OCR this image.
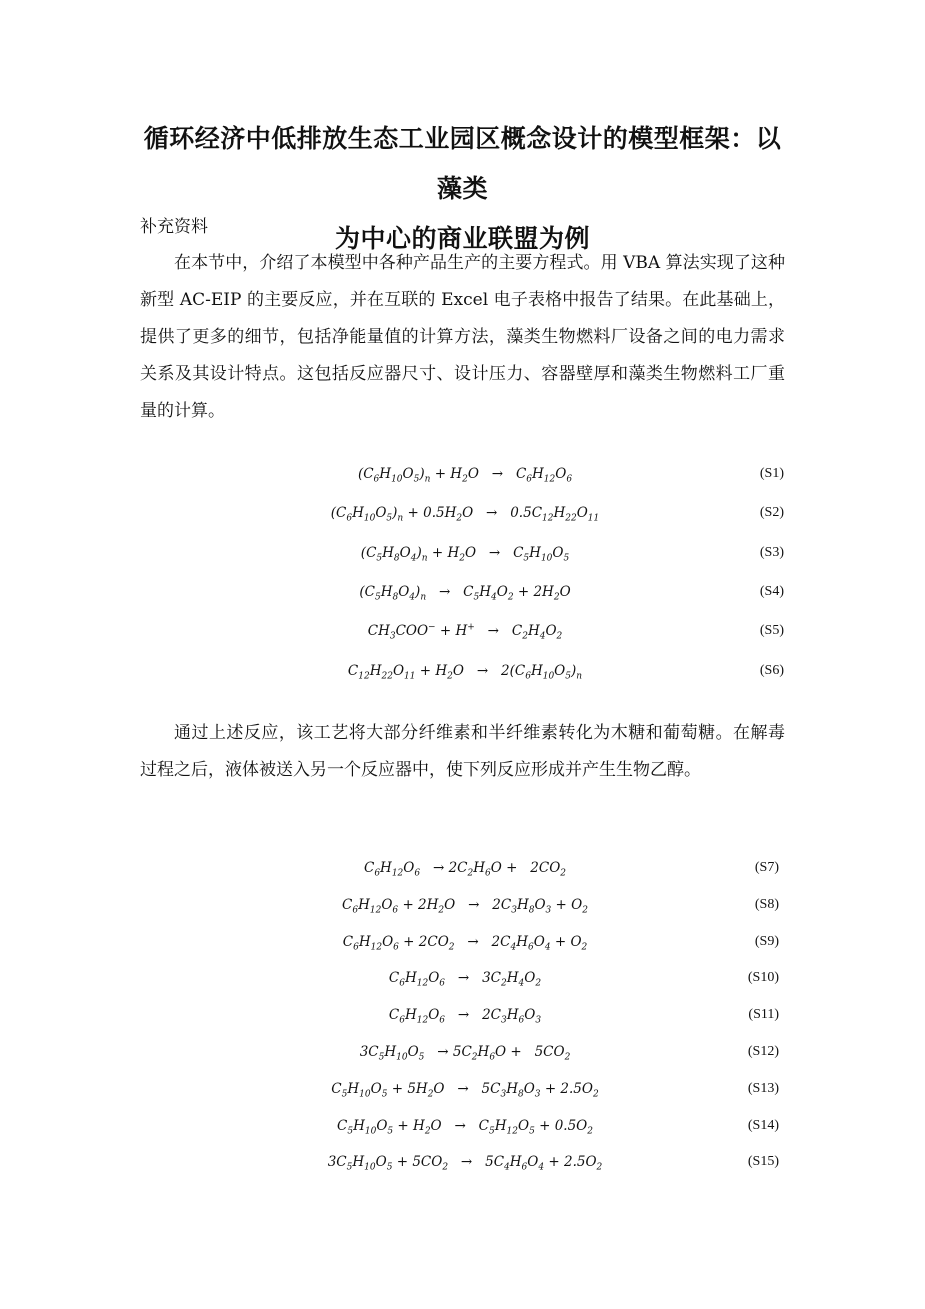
循环经济中低排放生态工业园区概念设计的模型框架：以藻类
为中心的商业联盟为例
补充资料
在本节中，介绍了本模型中各种产品生产的主要方程式。用 VBA 算法实现了这种新型 AC-EIP 的主要反应，并在互联的 Excel 电子表格中报告了结果。在此基础上，提供了更多的细节，包括净能量值的计算方法，藻类生物燃料厂设备之间的电力需求关系及其设计特点。这包括反应器尺寸、设计压力、容器壁厚和藻类生物燃料工厂重量的计算。
$(C_6H_{10}O_5)_n + H_2O \to C_6H_{12}O_6$	(S1)
$(C_6H_{10}O_5)_n + 0.5H_2O \to 0.5C_{12}H_{22}O_{11}$	(S2)
$(C_5H_8O_4)_n + H_2O \to C_5H_{10}O_5$	(S3)
$(C_5H_8O_4)_n \to C_5H_4O_2 + 2H_2O$	(S4)
$CH_3COO^- + H^+ \to C_2H_4O_2$	(S5)
$C_{12}H_{22}O_{11} + H_2O \to 2(C_6H_{10}O_5)_n$	(S6)
通过上述反应，该工艺将大部分纤维素和半纤维素转化为木糖和葡萄糖。在解毒过程之后，液体被送入另一个反应器中，使下列反应形成并产生生物乙醇。
$C_6H_{12}O_6 \to 2C_2H_6O + 2CO_2$	(S7)
$C_6H_{12}O_6 + 2H_2O \to 2C_3H_8O_3 + O_2$	(S8)
$C_6H_{12}O_6 + 2CO_2 \to 2C_4H_6O_4 + O_2$	(S9)
$C_6H_{12}O_6 \to 3C_2H_4O_2$	(S10)
$C_6H_{12}O_6 \to 2C_3H_6O_3$	(S11)
$3C_5H_{10}O_5 \to 5C_2H_6O + 5CO_2$	(S12)
$C_5H_{10}O_5 + 5H_2O \to 5C_3H_8O_3 + 2.5O_2$	(S13)
$C_5H_{10}O_5 + H_2O \to C_5H_{12}O_5 + 0.5O_2$	(S14)
$3C_5H_{10}O_5 + 5CO_2 \to 5C_4H_6O_4 + 2.5O_2$	(S15)
